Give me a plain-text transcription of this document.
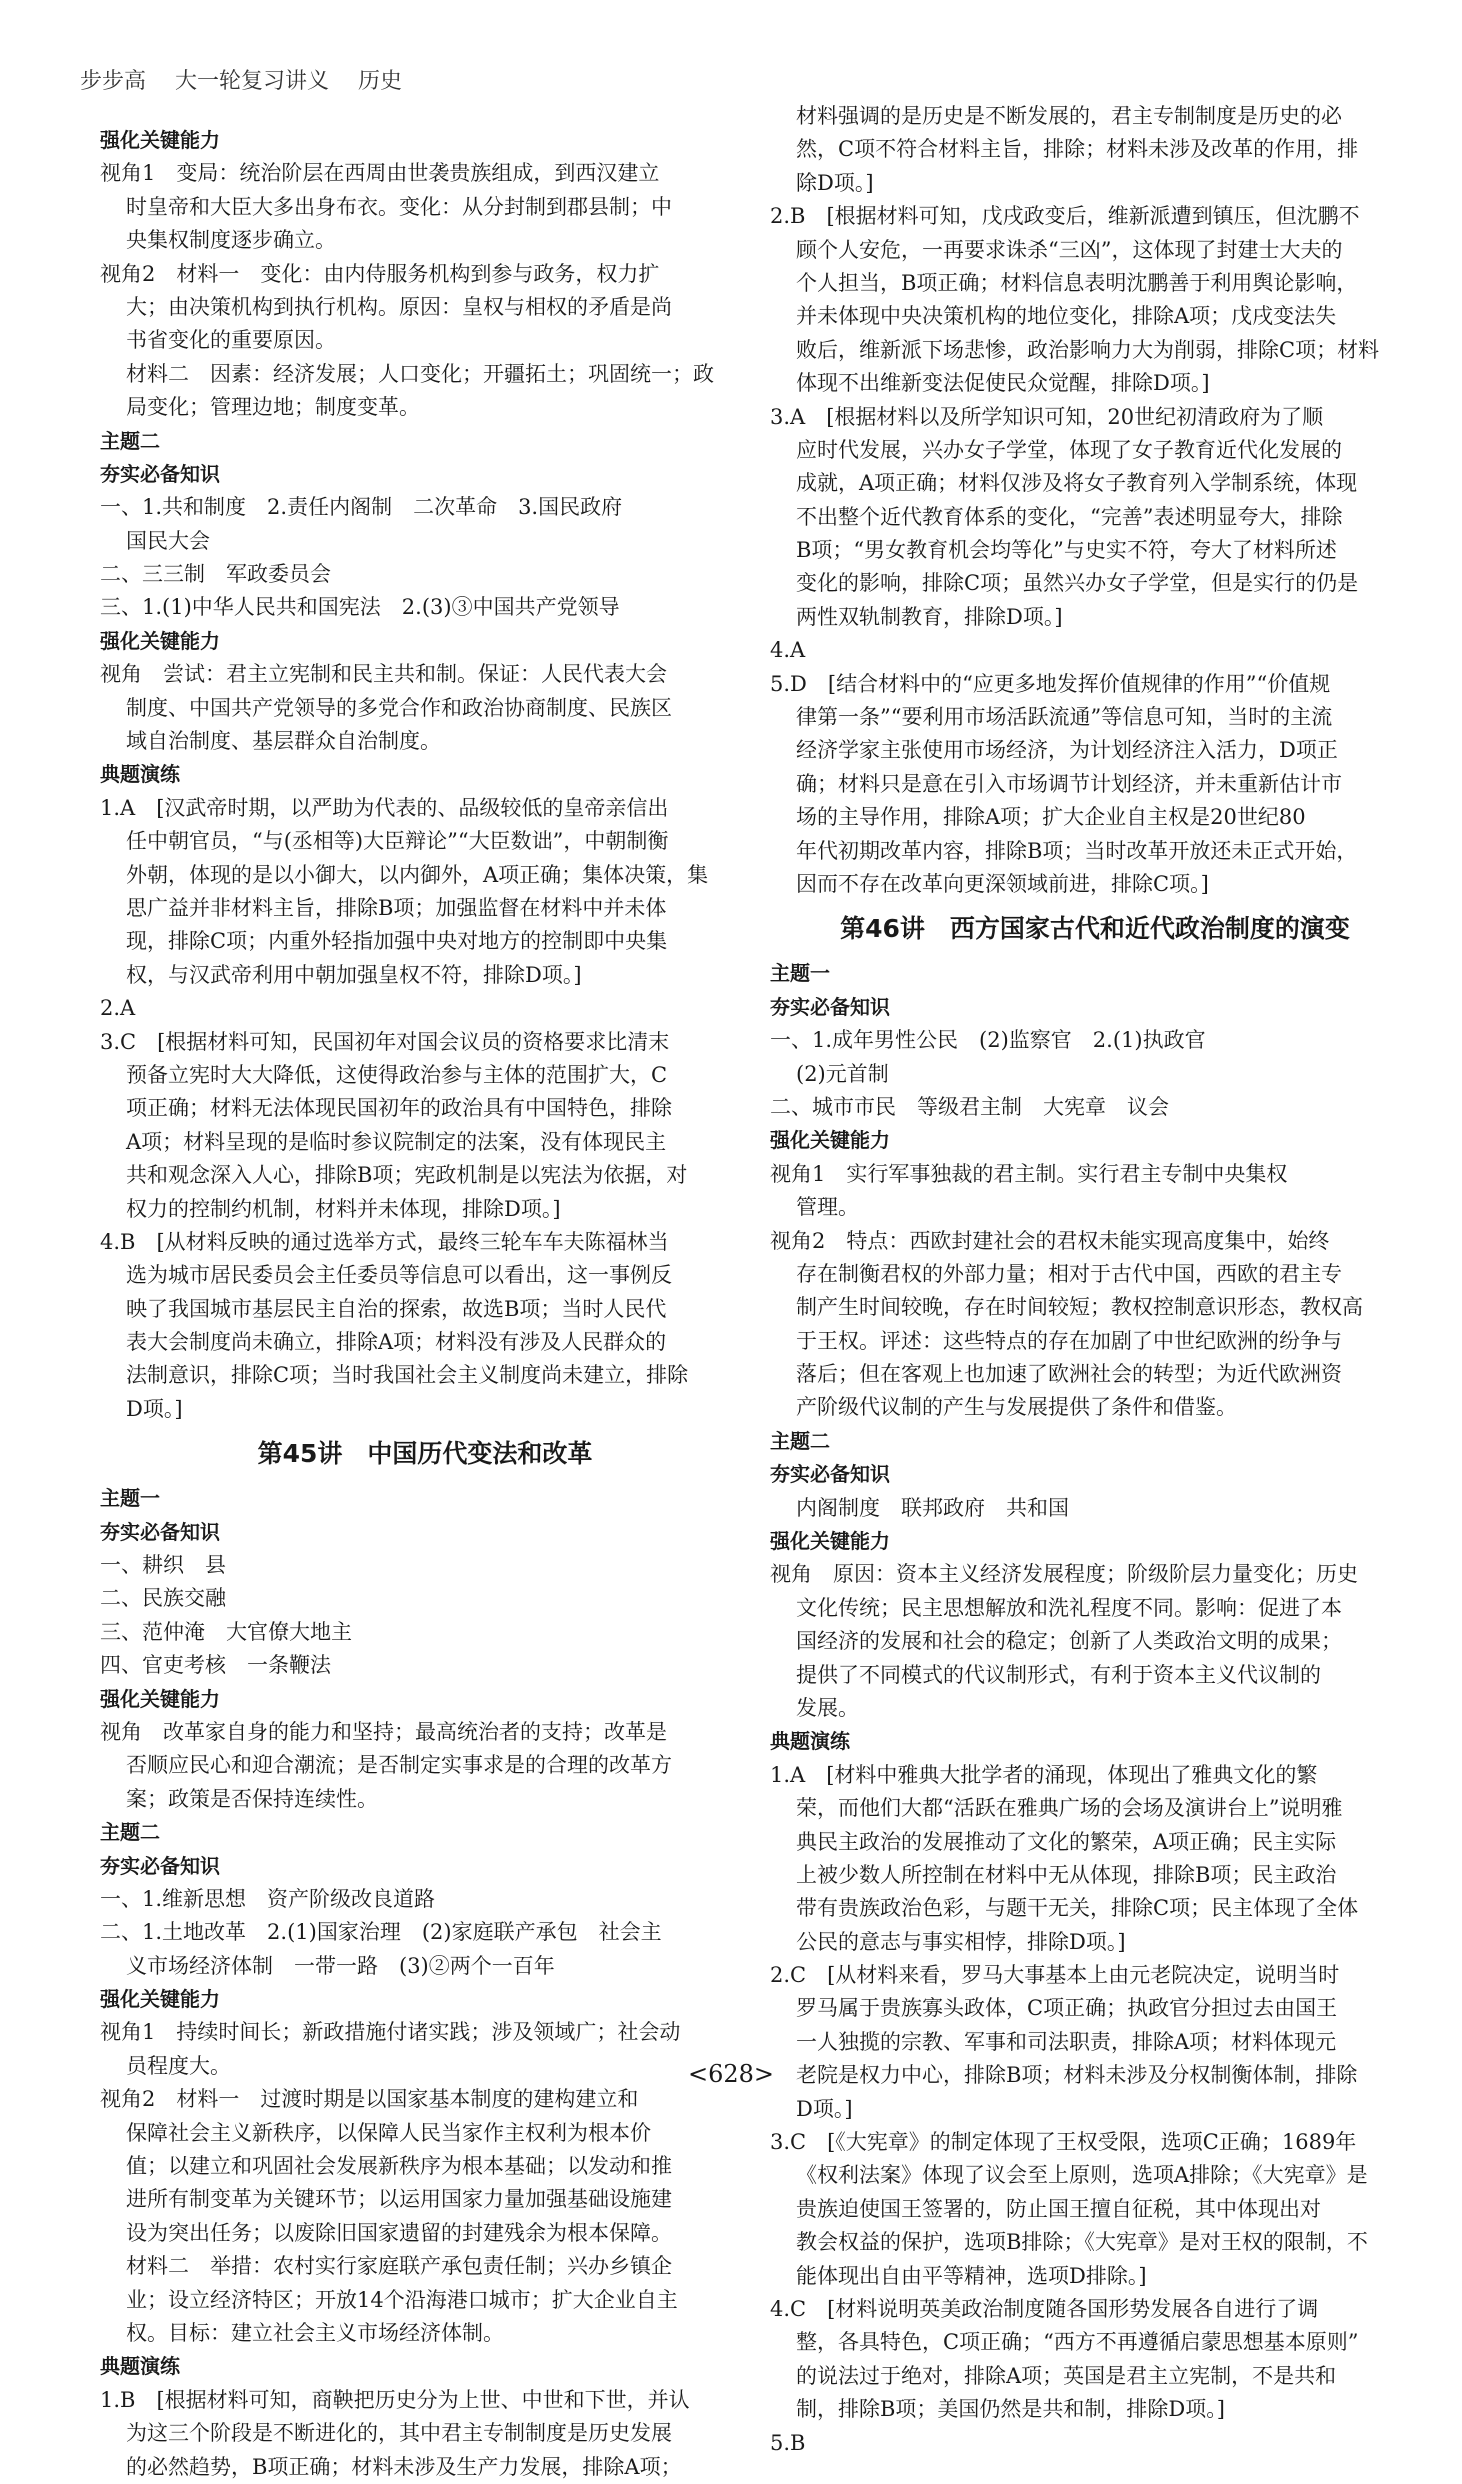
步步高 大一轮复习讲义 历史
强化关键能力
视角1　变局：统治阶层在西周由世袭贵族组成，到西汉建立
时皇帝和大臣大多出身布衣。变化：从分封制到郡县制；中
央集权制度逐步确立。
视角2　材料一　变化：由内侍服务机构到参与政务，权力扩
大；由决策机构到执行机构。原因：皇权与相权的矛盾是尚
书省变化的重要原因。
材料二　因素：经济发展；人口变化；开疆拓土；巩固统一；政
局变化；管理边地；制度变革。
主题二
夯实必备知识
一、1.共和制度　2.责任内阁制　二次革命　3.国民政府
国民大会
二、三三制　军政委员会
三、1.(1)中华人民共和国宪法　2.(3)③中国共产党领导
强化关键能力
视角　尝试：君主立宪制和民主共和制。保证：人民代表大会
制度、中国共产党领导的多党合作和政治协商制度、民族区
域自治制度、基层群众自治制度。
典题演练
1.A　[汉武帝时期，以严助为代表的、品级较低的皇帝亲信出
任中朝官员，“与(丞相等)大臣辩论”“大臣数诎”，中朝制衡
外朝，体现的是以小御大，以内御外，A项正确；集体决策，集
思广益并非材料主旨，排除B项；加强监督在材料中并未体
现，排除C项；内重外轻指加强中央对地方的控制即中央集
权，与汉武帝利用中朝加强皇权不符，排除D项。]
2.A
3.C　[根据材料可知，民国初年对国会议员的资格要求比清末
预备立宪时大大降低，这使得政治参与主体的范围扩大，C
项正确；材料无法体现民国初年的政治具有中国特色，排除
A项；材料呈现的是临时参议院制定的法案，没有体现民主
共和观念深入人心，排除B项；宪政机制是以宪法为依据，对
权力的控制约机制，材料并未体现，排除D项。]
4.B　[从材料反映的通过选举方式，最终三轮车车夫陈福林当
选为城市居民委员会主任委员等信息可以看出，这一事例反
映了我国城市基层民主自治的探索，故选B项；当时人民代
表大会制度尚未确立，排除A项；材料没有涉及人民群众的
法制意识，排除C项；当时我国社会主义制度尚未建立，排除
D项。]
第45讲　中国历代变法和改革
主题一
夯实必备知识
一、耕织　县
二、民族交融
三、范仲淹　大官僚大地主
四、官吏考核　一条鞭法
强化关键能力
视角　改革家自身的能力和坚持；最高统治者的支持；改革是
否顺应民心和迎合潮流；是否制定实事求是的合理的改革方
案；政策是否保持连续性。
主题二
夯实必备知识
一、1.维新思想　资产阶级改良道路
二、1.土地改革　2.(1)国家治理　(2)家庭联产承包　社会主
义市场经济体制　一带一路　(3)②两个一百年
强化关键能力
视角1　持续时间长；新政措施付诸实践；涉及领域广；社会动
员程度大。
视角2　材料一　过渡时期是以国家基本制度的建构建立和
保障社会主义新秩序，以保障人民当家作主权利为根本价
值；以建立和巩固社会发展新秩序为根本基础；以发动和推
进所有制变革为关键环节；以运用国家力量加强基础设施建
设为突出任务；以废除旧国家遗留的封建残余为根本保障。
材料二　举措：农村实行家庭联产承包责任制；兴办乡镇企
业；设立经济特区；开放14个沿海港口城市；扩大企业自主
权。目标：建立社会主义市场经济体制。
典题演练
1.B　[根据材料可知，商鞅把历史分为上世、中世和下世，并认
为这三个阶段是不断进化的，其中君主专制制度是历史发展
的必然趋势，B项正确；材料未涉及生产力发展，排除A项；
材料强调的是历史是不断发展的，君主专制制度是历史的必
然，C项不符合材料主旨，排除；材料未涉及改革的作用，排
除D项。]
2.B　[根据材料可知，戊戌政变后，维新派遭到镇压，但沈鹏不
顾个人安危，一再要求诛杀“三凶”，这体现了封建士大夫的
个人担当，B项正确；材料信息表明沈鹏善于利用舆论影响，
并未体现中央决策机构的地位变化，排除A项；戊戌变法失
败后，维新派下场悲惨，政治影响力大为削弱，排除C项；材料
体现不出维新变法促使民众觉醒，排除D项。]
3.A　[根据材料以及所学知识可知，20世纪初清政府为了顺
应时代发展，兴办女子学堂，体现了女子教育近代化发展的
成就，A项正确；材料仅涉及将女子教育列入学制系统，体现
不出整个近代教育体系的变化，“完善”表述明显夸大，排除
B项；“男女教育机会均等化”与史实不符，夸大了材料所述
变化的影响，排除C项；虽然兴办女子学堂，但是实行的仍是
两性双轨制教育，排除D项。]
4.A
5.D　[结合材料中的“应更多地发挥价值规律的作用”“价值规
律第一条”“要利用市场活跃流通”等信息可知，当时的主流
经济学家主张使用市场经济，为计划经济注入活力，D项正
确；材料只是意在引入市场调节计划经济，并未重新估计市
场的主导作用，排除A项；扩大企业自主权是20世纪80
年代初期改革内容，排除B项；当时改革开放还未正式开始，
因而不存在改革向更深领域前进，排除C项。]
第46讲　西方国家古代和近代政治制度的演变
主题一
夯实必备知识
一、1.成年男性公民　(2)监察官　2.(1)执政官
(2)元首制
二、城市市民　等级君主制　大宪章　议会
强化关键能力
视角1　实行军事独裁的君主制。实行君主专制中央集权
管理。
视角2　特点：西欧封建社会的君权未能实现高度集中，始终
存在制衡君权的外部力量；相对于古代中国，西欧的君主专
制产生时间较晚，存在时间较短；教权控制意识形态，教权高
于王权。评述：这些特点的存在加剧了中世纪欧洲的纷争与
落后；但在客观上也加速了欧洲社会的转型；为近代欧洲资
产阶级代议制的产生与发展提供了条件和借鉴。
主题二
夯实必备知识
内阁制度　联邦政府　共和国
强化关键能力
视角　原因：资本主义经济发展程度；阶级阶层力量变化；历史
文化传统；民主思想解放和洗礼程度不同。影响：促进了本
国经济的发展和社会的稳定；创新了人类政治文明的成果；
提供了不同模式的代议制形式，有利于资本主义代议制的
发展。
典题演练
1.A　[材料中雅典大批学者的涌现，体现出了雅典文化的繁
荣，而他们大都“活跃在雅典广场的会场及演讲台上”说明雅
典民主政治的发展推动了文化的繁荣，A项正确；民主实际
上被少数人所控制在材料中无从体现，排除B项；民主政治
带有贵族政治色彩，与题干无关，排除C项；民主体现了全体
公民的意志与事实相悖，排除D项。]
2.C　[从材料来看，罗马大事基本上由元老院决定，说明当时
罗马属于贵族寡头政体，C项正确；执政官分担过去由国王
一人独揽的宗教、军事和司法职责，排除A项；材料体现元
老院是权力中心，排除B项；材料未涉及分权制衡体制，排除
D项。]
3.C　[《大宪章》的制定体现了王权受限，选项C正确；1689年
《权利法案》体现了议会至上原则，选项A排除；《大宪章》是
贵族迫使国王签署的，防止国王擅自征税，其中体现出对
教会权益的保护，选项B排除；《大宪章》是对王权的限制，不
能体现出自由平等精神，选项D排除。]
4.C　[材料说明英美政治制度随各国形势发展各自进行了调
整，各具特色，C项正确；“西方不再遵循启蒙思想基本原则”
的说法过于绝对，排除A项；英国是君主立宪制，不是共和
制，排除B项；美国仍然是共和制，排除D项。]
5.B
<628>
